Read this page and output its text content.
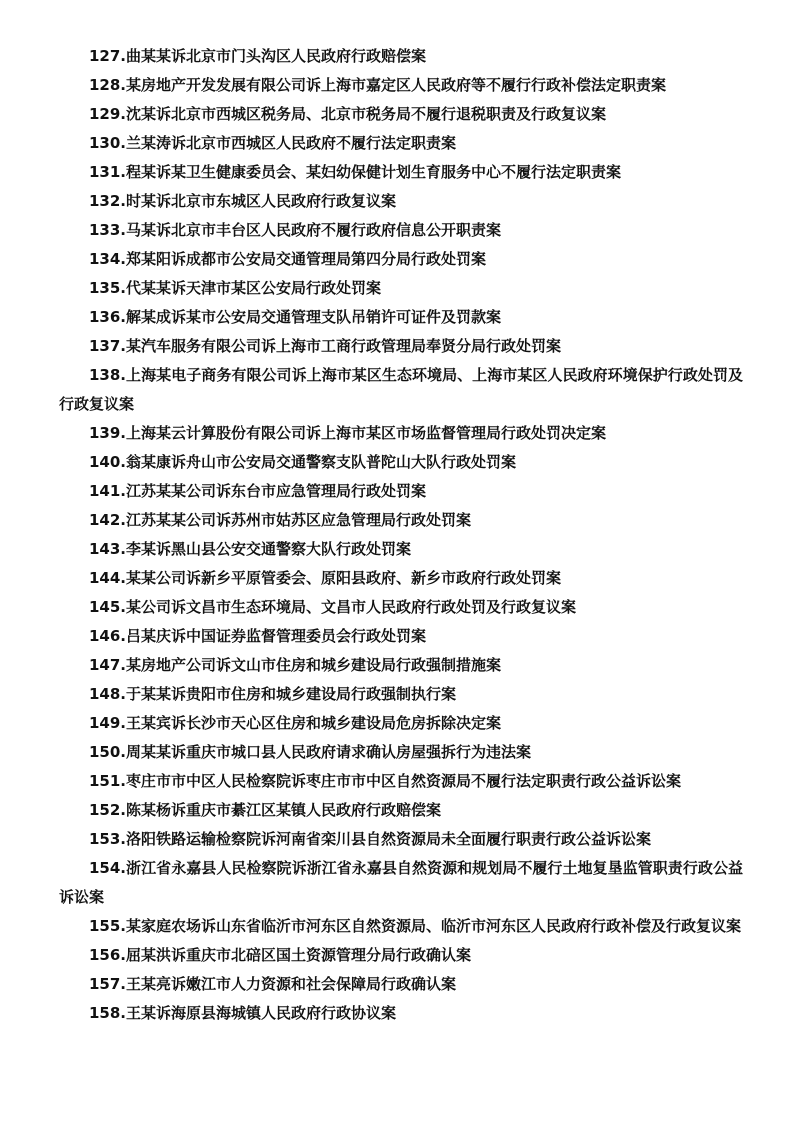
127.曲某某诉北京市门头沟区人民政府行政赔偿案

128.某房地产开发发展有限公司诉上海市嘉定区人民政府等不履行行政补偿法定职责案

129.沈某诉北京市西城区税务局、北京市税务局不履行退税职责及行政复议案

130.兰某涛诉北京市西城区人民政府不履行法定职责案

131.程某诉某卫生健康委员会、某妇幼保健计划生育服务中心不履行法定职责案

132.时某诉北京市东城区人民政府行政复议案

133.马某诉北京市丰台区人民政府不履行政府信息公开职责案

134.郑某阳诉成都市公安局交通管理局第四分局行政处罚案

135.代某某诉天津市某区公安局行政处罚案

136.解某成诉某市公安局交通管理支队吊销许可证件及罚款案

137.某汽车服务有限公司诉上海市工商行政管理局奉贤分局行政处罚案

138.上海某电子商务有限公司诉上海市某区生态环境局、上海市某区人民政府环境保护行政处罚及行政复议案

139.上海某云计算股份有限公司诉上海市某区市场监督管理局行政处罚决定案

140.翁某康诉舟山市公安局交通警察支队普陀山大队行政处罚案

141.江苏某某公司诉东台市应急管理局行政处罚案

142.江苏某某公司诉苏州市姑苏区应急管理局行政处罚案

143.李某诉黑山县公安交通警察大队行政处罚案

144.某某公司诉新乡平原管委会、原阳县政府、新乡市政府行政处罚案

145.某公司诉文昌市生态环境局、文昌市人民政府行政处罚及行政复议案

146.吕某庆诉中国证券监督管理委员会行政处罚案

147.某房地产公司诉文山市住房和城乡建设局行政强制措施案

148.于某某诉贵阳市住房和城乡建设局行政强制执行案

149.王某宾诉长沙市天心区住房和城乡建设局危房拆除决定案

150.周某某诉重庆市城口县人民政府请求确认房屋强拆行为违法案

151.枣庄市市中区人民检察院诉枣庄市市中区自然资源局不履行法定职责行政公益诉讼案

152.陈某杨诉重庆市綦江区某镇人民政府行政赔偿案

153.洛阳铁路运输检察院诉河南省栾川县自然资源局未全面履行职责行政公益诉讼案

154.浙江省永嘉县人民检察院诉浙江省永嘉县自然资源和规划局不履行土地复垦监管职责行政公益诉讼案

155.某家庭农场诉山东省临沂市河东区自然资源局、临沂市河东区人民政府行政补偿及行政复议案

156.屈某洪诉重庆市北碚区国土资源管理分局行政确认案

157.王某亮诉嫩江市人力资源和社会保障局行政确认案

158.王某诉海原县海城镇人民政府行政协议案
